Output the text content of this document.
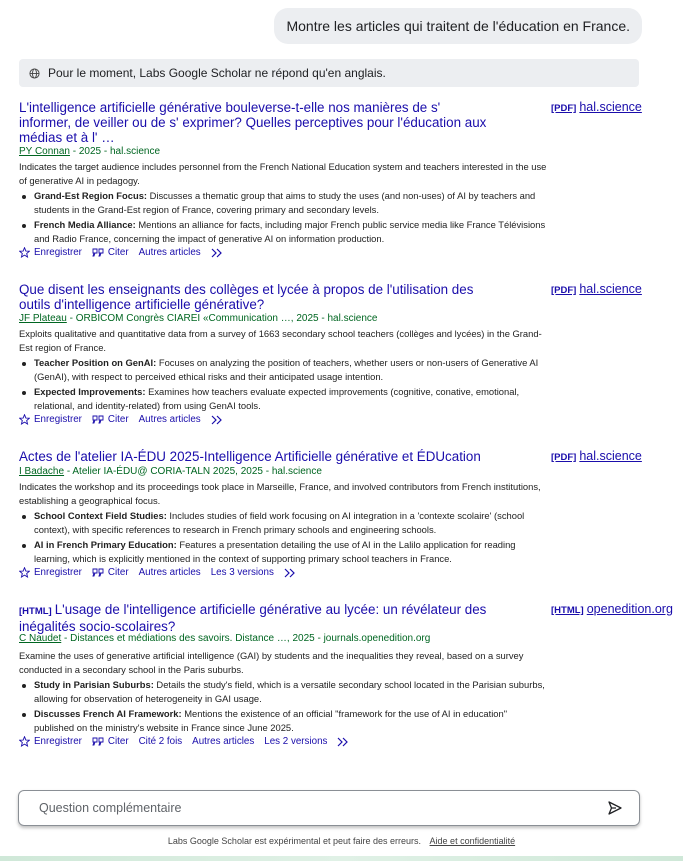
Montre les articles qui traitent de l'éducation en France.
Pour le moment, Labs Google Scholar ne répond qu'en anglais.
L'intelligence artificielle générative bouleverse-t-elle nos manières de s' informer, de veiller ou de s' exprimer? Quelles perceptives pour l'éducation aux médias et à l' …
[PDF] hal.science
PY Connan - 2025 - hal.science
Indicates the target audience includes personnel from the French National Education system and teachers interested in the use of generative AI in pedagogy.
Grand-Est Region Focus: Discusses a thematic group that aims to study the uses (and non-uses) of AI by teachers and students in the Grand-Est region of France, covering primary and secondary levels.
French Media Alliance: Mentions an alliance for facts, including major French public service media like France Télévisions and Radio France, concerning the impact of generative AI on information production.
Enregistrer	Citer Autres articles
Que disent les enseignants des collèges et lycée à propos de l'utilisation des outils d'intelligence artificielle générative?
[PDF] hal.science
JF Plateau - ORBICOM Congrès CIAREI «Communication …, 2025 - hal.science
Exploits qualitative and quantitative data from a survey of 1663 secondary school teachers (collèges and lycées) in the Grand-Est region of France.
Teacher Position on GenAI: Focuses on analyzing the position of teachers, whether users or non-users of Generative AI (GenAI), with respect to perceived ethical risks and their anticipated usage intention.
Expected Improvements: Examines how teachers evaluate expected improvements (cognitive, conative, emotional, relational, and identity-related) from using GenAI tools.
Enregistrer	Citer Autres articles
Actes de l'atelier IA-ÉDU 2025-Intelligence Artificielle générative et ÉDUcation	[PDF] hal.science
I Badache - Atelier IA-ÉDU@ CORIA-TALN 2025, 2025 - hal.science
Indicates the workshop and its proceedings took place in Marseille, France, and involved contributors from French institutions, establishing a geographical focus.
School Context Field Studies: Includes studies of field work focusing on AI integration in a 'contexte scolaire' (school context), with specific references to research in French primary schools and engineering schools.
AI in French Primary Education: Features a presentation detailing the use of AI in the Lalilo application for reading learning, which is explicitly mentioned in the context of supporting primary school teachers in France.
Enregistrer	Citer Autres articles Les 3 versions
[HTML] L'usage de l'intelligence artificielle générative au lycée: un révélateur des inégalités socio-scolaires?
[HTML] openedition.org
C Naudet - Distances et médiations des savoirs. Distance …, 2025 - journals.openedition.org
Examine the uses of generative artificial intelligence (GAI) by students and the inequalities they reveal, based on a survey conducted in a secondary school in the Paris suburbs.
Study in Parisian Suburbs: Details the study's field, which is a versatile secondary school located in the Parisian suburbs, allowing for observation of heterogeneity in GAI usage.
Discusses French AI Framework: Mentions the existence of an official "framework for the use of AI in education" published on the ministry's website in France since June 2025.
Enregistrer	Citer Cité 2 fois Autres articles Les 2 versions
Question complémentaire
Labs Google Scholar est expérimental et peut faire des erreurs. Aide et confidentialité
